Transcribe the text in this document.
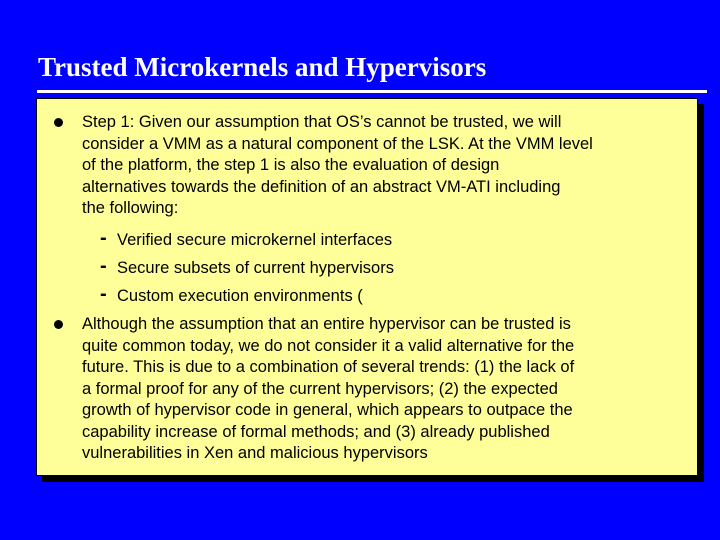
Trusted Microkernels and Hypervisors
Step 1: Given our assumption that OS’s cannot be trusted, we will
consider a VMM as a natural component of the LSK. At the VMM level
of the platform, the step 1 is also the evaluation of design
alternatives towards the definition of an abstract VM-ATI including
the following:
- Verified secure microkernel interfaces
- Secure subsets of current hypervisors
- Custom execution environments (
Although the assumption that an entire hypervisor can be trusted is
quite common today, we do not consider it a valid alternative for the
future. This is due to a combination of several trends: (1) the lack of
a formal proof for any of the current hypervisors; (2) the expected
growth of hypervisor code in general, which appears to outpace the
capability increase of formal methods; and (3) already published
vulnerabilities in Xen and malicious hypervisors
